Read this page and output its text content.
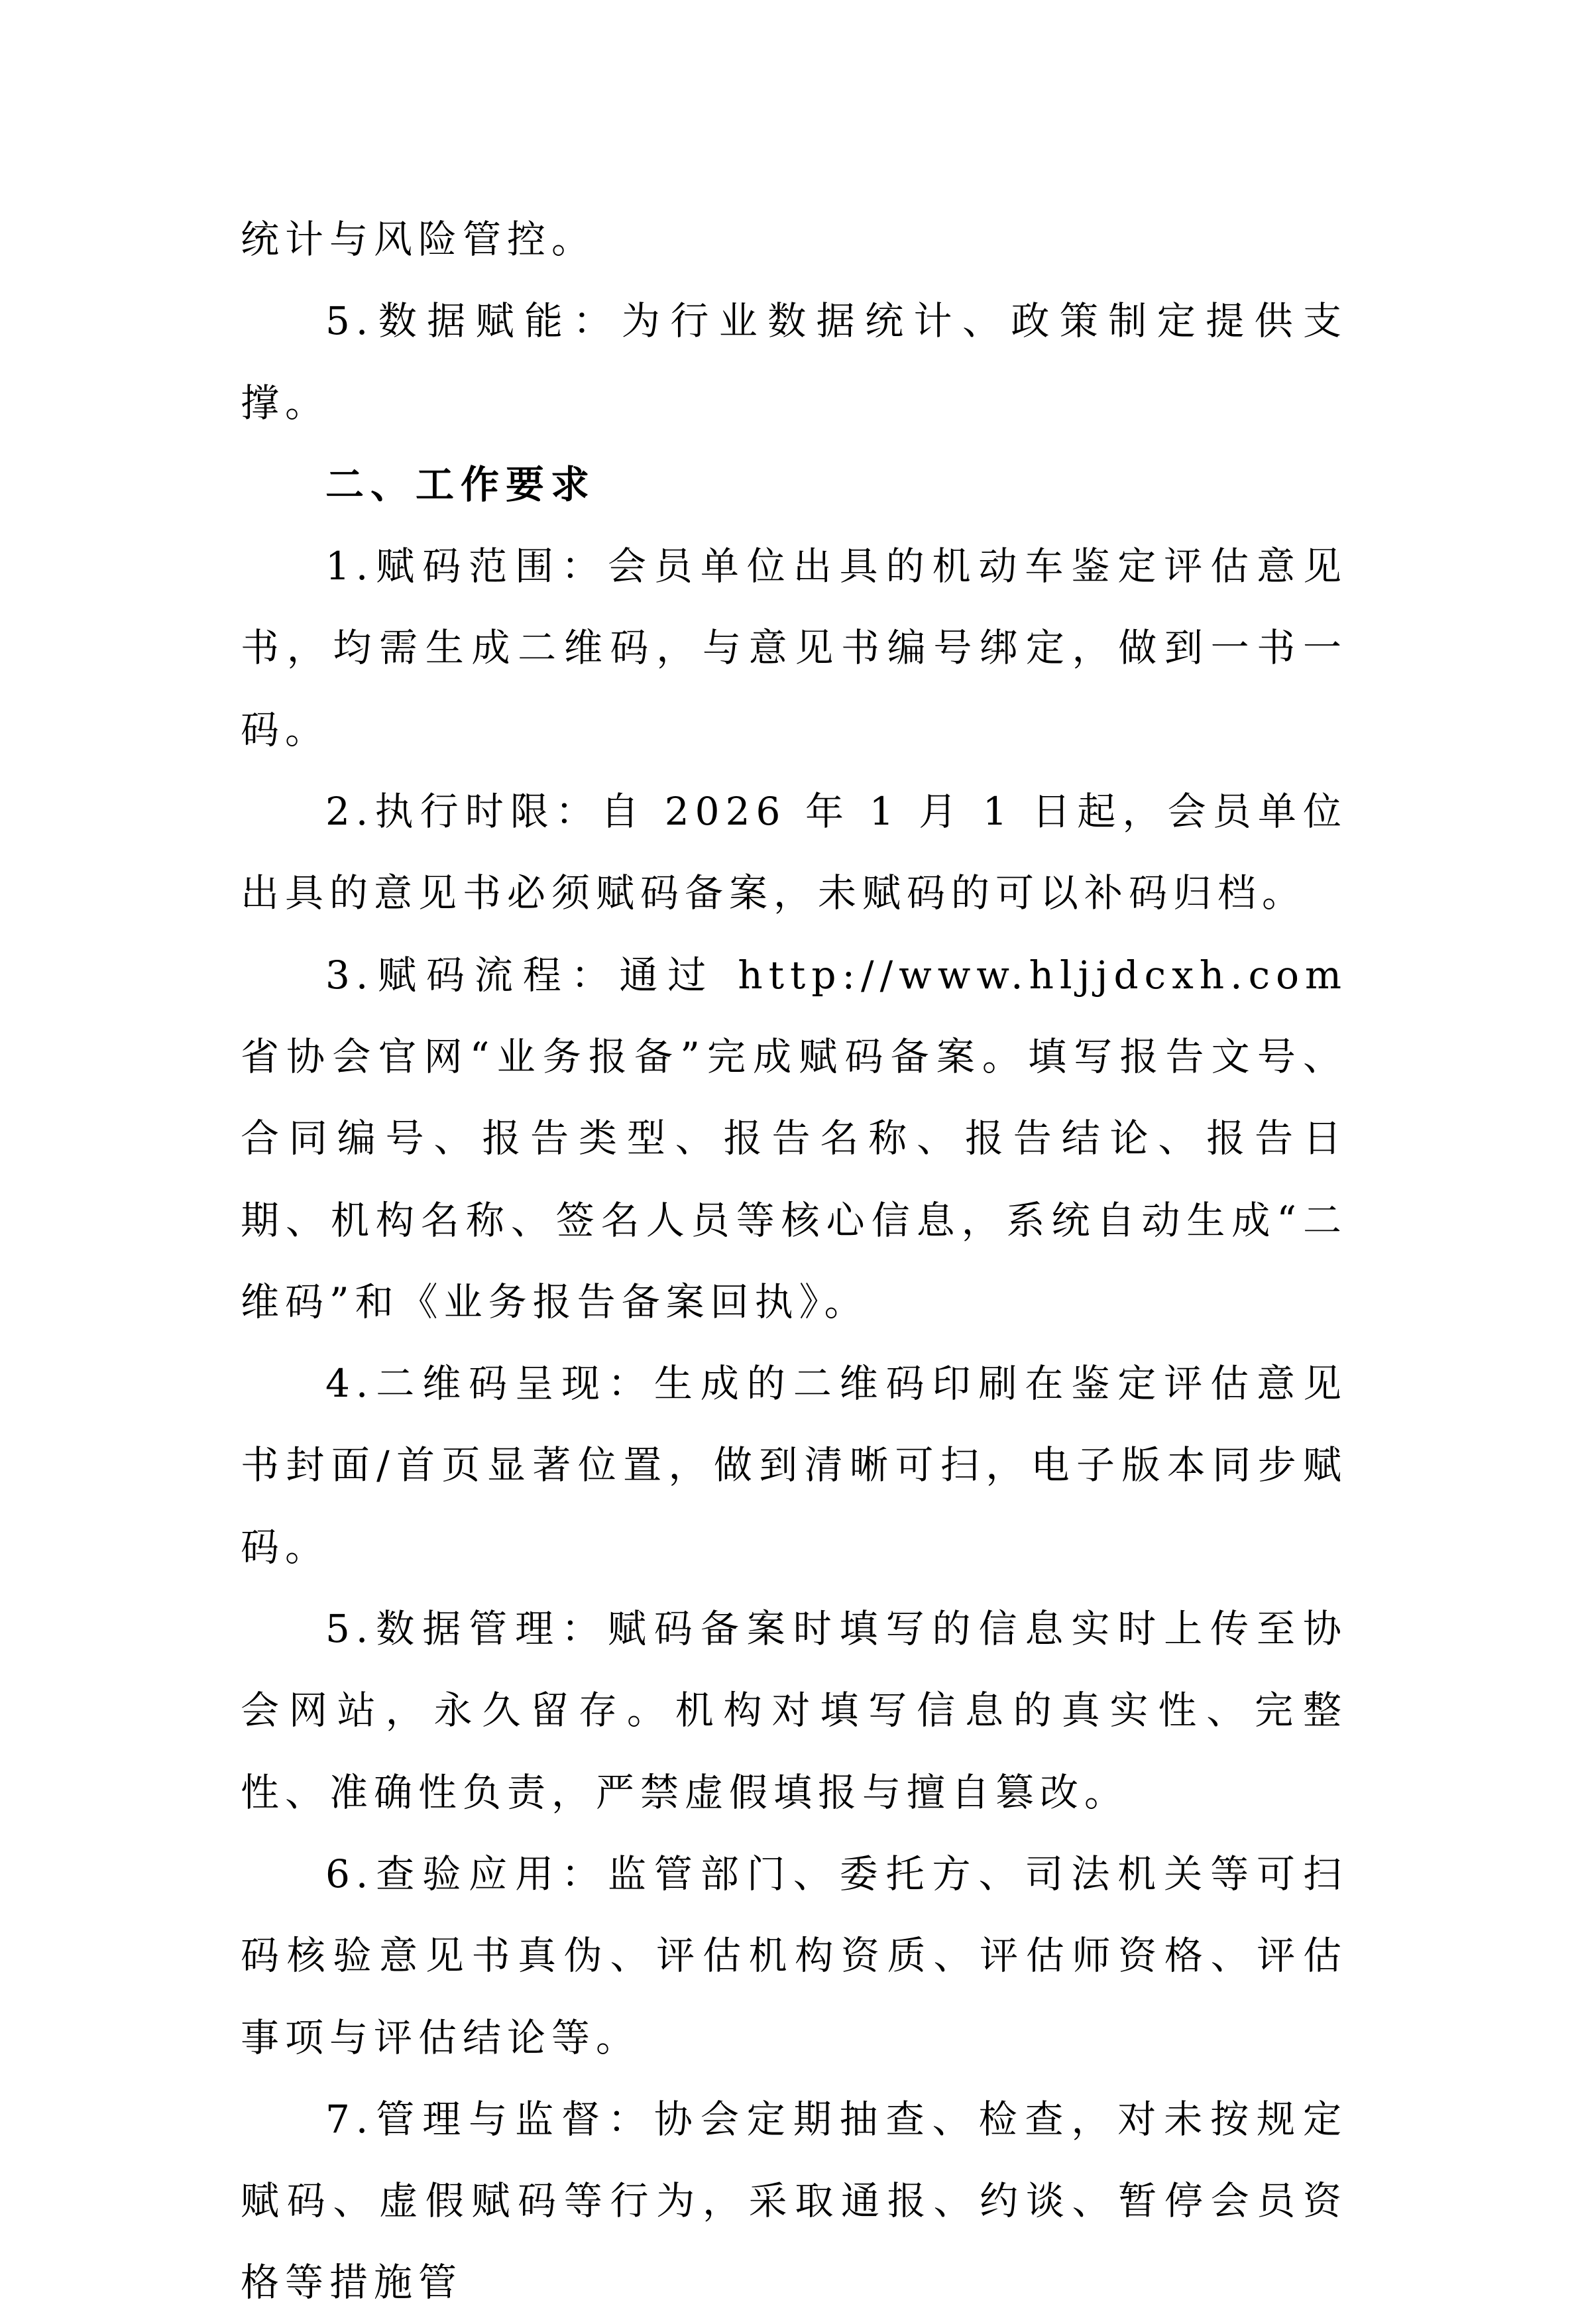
统计与风险管控。

5.数据赋能：为行业数据统计、政策制定提供支撑。

二、工作要求

1.赋码范围：会员单位出具的机动车鉴定评估意见书，均需生成二维码，与意见书编号绑定，做到一书一码。

2.执行时限：自 2026 年 1 月 1 日起，会员单位出具的意见书必须赋码备案，未赋码的可以补码归档。

3.赋码流程：通过 http://www.hljjdcxh.com 省协会官网“业务报备”完成赋码备案。填写报告文号、合同编号、报告类型、报告名称、报告结论、报告日期、机构名称、签名人员等核心信息，系统自动生成“二维码”和《业务报告备案回执》。

4.二维码呈现：生成的二维码印刷在鉴定评估意见书封面/首页显著位置，做到清晰可扫，电子版本同步赋码。

5.数据管理：赋码备案时填写的信息实时上传至协会网站，永久留存。机构对填写信息的真实性、完整性、准确性负责，严禁虚假填报与擅自篡改。

6.查验应用：监管部门、委托方、司法机关等可扫码核验意见书真伪、评估机构资质、评估师资格、评估事项与评估结论等。

7.管理与监督：协会定期抽查、检查，对未按规定赋码、虚假赋码等行为，采取通报、约谈、暂停会员资格等措施管
